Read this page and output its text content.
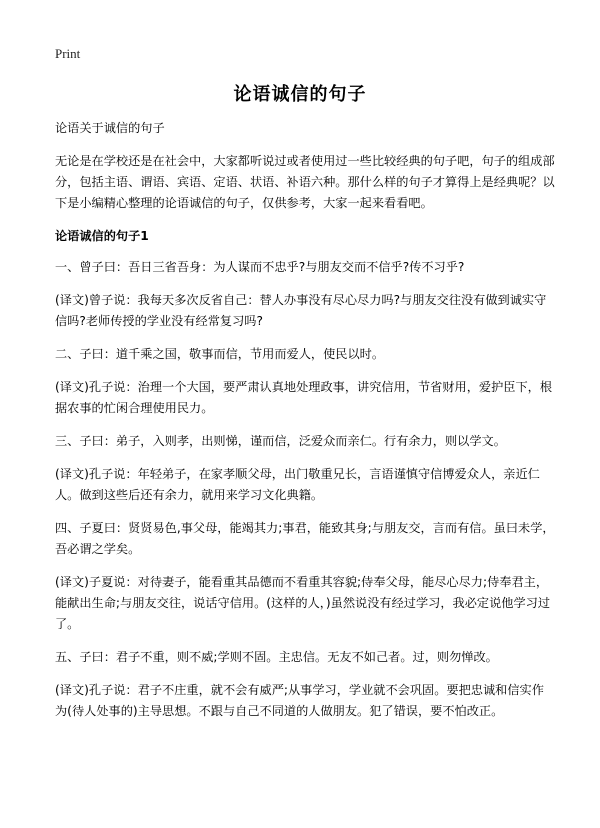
Print
论语诚信的句子

论语关于诚信的句子

无论是在学校还是在社会中，大家都听说过或者使用过一些比较经典的句子吧，句子的组成部分，包括主语、谓语、宾语、定语、状语、补语六种。那什么样的句子才算得上是经典呢？以下是小编精心整理的论语诚信的句子，仅供参考，大家一起来看看吧。

论语诚信的句子1

一、曾子曰：吾日三省吾身：为人谋而不忠乎?与朋友交而不信乎?传不习乎?

(译文)曾子说：我每天多次反省自己：替人办事没有尽心尽力吗?与朋友交往没有做到诚实守信吗?老师传授的学业没有经常复习吗?

二、子曰：道千乘之国，敬事而信，节用而爱人，使民以时。

(译文)孔子说：治理一个大国，要严肃认真地处理政事，讲究信用，节省财用，爱护臣下，根据农事的忙闲合理使用民力。

三、子曰：弟子，入则孝，出则悌，谨而信，泛爱众而亲仁。行有余力，则以学文。

(译文)孔子说：年轻弟子，在家孝顺父母，出门敬重兄长，言语谨慎守信博爱众人，亲近仁人。做到这些后还有余力，就用来学习文化典籍。

四、子夏曰：贤贤易色,事父母，能竭其力;事君，能致其身;与朋友交，言而有信。虽曰未学，吾必谓之学矣。

(译文)子夏说：对待妻子，能看重其品德而不看重其容貌;侍奉父母，能尽心尽力;侍奉君主，能献出生命;与朋友交往，说话守信用。(这样的人，)虽然说没有经过学习，我必定说他学习过了。

五、子曰：君子不重，则不威;学则不固。主忠信。无友不如己者。过，则勿惮改。

(译文)孔子说：君子不庄重，就不会有威严;从事学习，学业就不会巩固。要把忠诚和信实作为(待人处事的)主导思想。不跟与自己不同道的人做朋友。犯了错误，要不怕改正。
